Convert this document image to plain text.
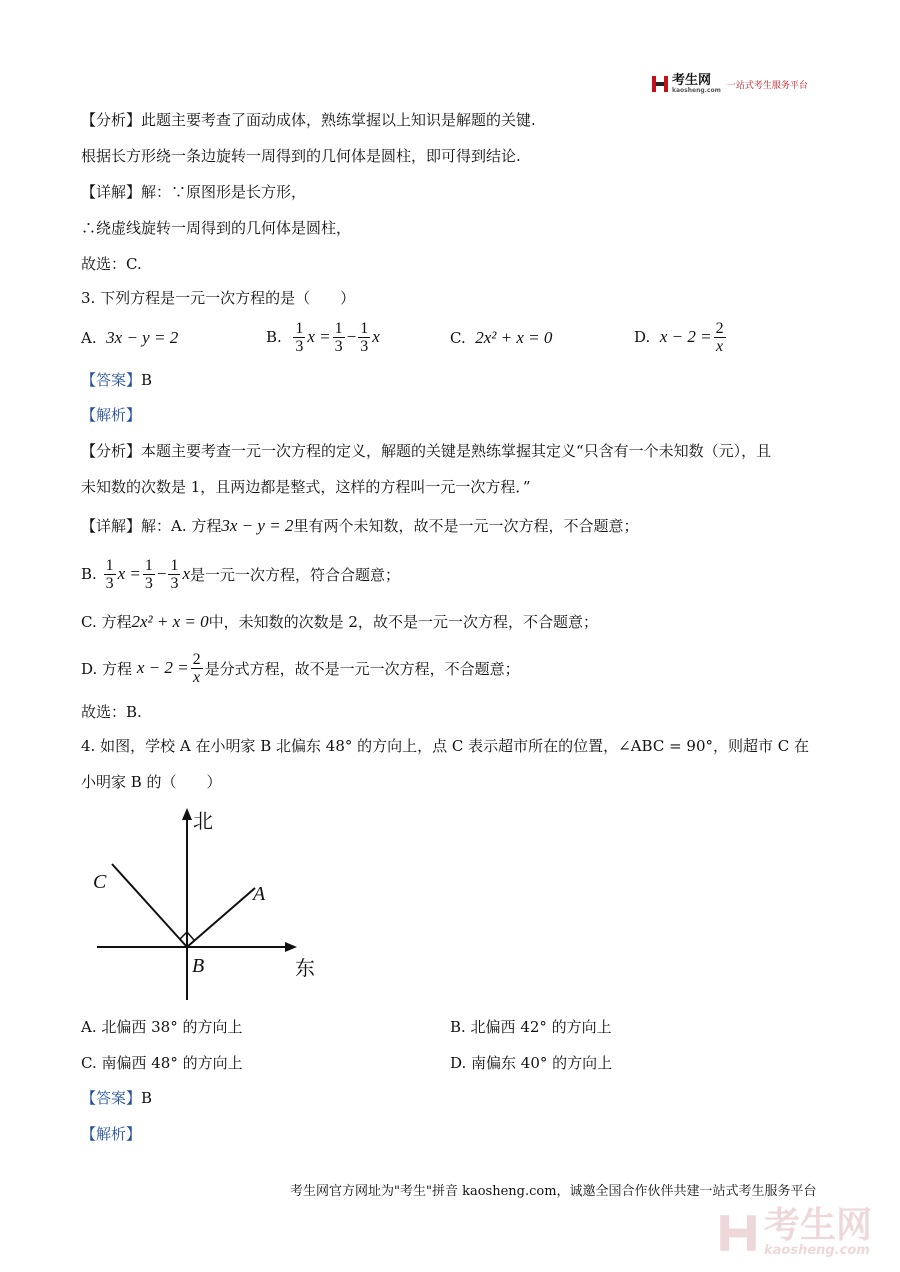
考生网
kaosheng.com 一站式考生服务平台
【分析】此题主要考查了面动成体，熟练掌握以上知识是解题的关键.
根据长方形绕一条边旋转一周得到的几何体是圆柱，即可得到结论.
【详解】解：∵原图形是长方形，
∴绕虚线旋转一周得到的几何体是圆柱，
故选：C.
3. 下列方程是一元一次方程的是（　　）
A. 3x − y = 2	B.
$\frac{1}{3}$ $x = \frac{1}{3} - \frac{1}{3}$ x	C. 2x² + x = 0	D.
$x - 2 = \frac{2}{x}$
【答案】B
【解析】
【分析】本题主要考查一元一次方程的定义，解题的关键是熟练掌握其定义“只含有一个未知数（元），且
未知数的次数是 1，且两边都是整式，这样的方程叫一元一次方程．”
【详解】解：A. 方程3x − y = 2里有两个未知数，故不是一元一次方程，不合题意；
B.
$\frac{1}{3}$ $x = \frac{1}{3} - \frac{1}{3}$ x 是一元一次方程，符合合题意；
C. 方程2x² + x = 0中，未知数的次数是 2，故不是一元一次方程，不合题意；
D. 方程
$x - 2 = \frac{2}{x}$ 是分式方程，故不是一元一次方程，不合题意；
故选：B.
4. 如图，学校 A 在小明家 B 北偏东 48° 的方向上，点 C 表示超市所在的位置，∠ABC = 90°，则超市 C 在
小明家 B 的（　　）
北
东
A
B
C
A. 北偏西 38° 的方向上	B. 北偏西 42° 的方向上
C. 南偏西 48° 的方向上	D. 南偏东 40° 的方向上
【答案】B
【解析】
考生网官方网址为"考生"拼音 kaosheng.com，诚邀全国合作伙伴共建一站式考生服务平台
考生网
kaosheng.com
